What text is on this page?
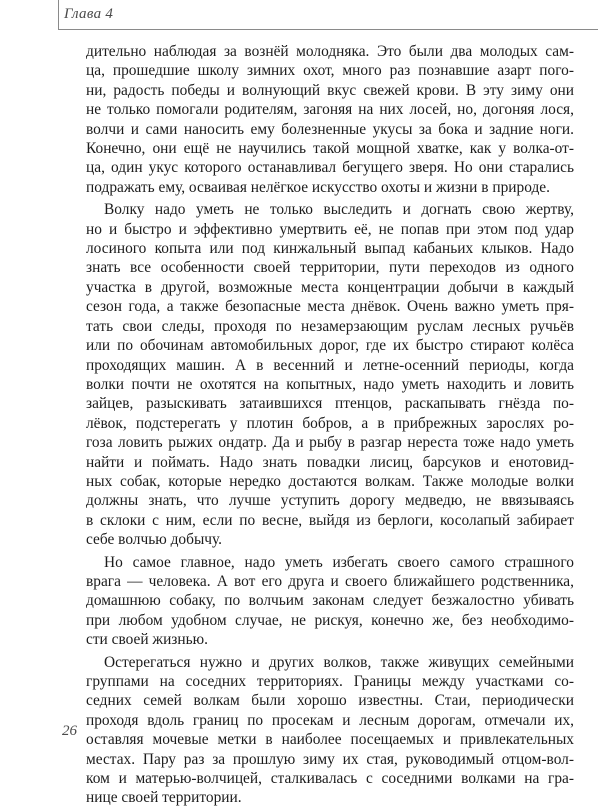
Глава 4
дительно наблюдая за вознёй молодняка. Это были два молодых сам-
ца, прошедшие школу зимних охот, много раз познавшие азарт пого-
ни, радость победы и волнующий вкус свежей крови. В эту зиму они
не только помогали родителям, загоняя на них лосей, но, догоняя лося,
волчи и сами наносить ему болезненные укусы за бока и задние ноги.
Конечно, они ещё не научились такой мощной хватке, как у волка-от-
ца, один укус которого останавливал бегущего зверя. Но они старались
подражать ему, осваивая нелёгкое искусство охоты и жизни в природе.
Волку надо уметь не только выследить и догнать свою жертву,
но и быстро и эффективно умертвить её, не попав при этом под удар
лосиного копыта или под кинжальный выпад кабаньих клыков. Надо
знать все особенности своей территории, пути переходов из одного
участка в другой, возможные места концентрации добычи в каждый
сезон года, а также безопасные места днёвок. Очень важно уметь пря-
тать свои следы, проходя по незамерзающим руслам лесных ручьёв
или по обочинам автомобильных дорог, где их быстро стирают колёса
проходящих машин. А в весенний и летне-осенний периоды, когда
волки почти не охотятся на копытных, надо уметь находить и ловить
зайцев, разыскивать затаившихся птенцов, раскапывать гнёзда по-
лёвок, подстерегать у плотин бобров, а в прибрежных зарослях ро-
гоза ловить рыжих ондатр. Да и рыбу в разгар нереста тоже надо уметь
найти и поймать. Надо знать повадки лисиц, барсуков и енотовид-
ных собак, которые нередко достаются волкам. Также молодые волки
должны знать, что лучше уступить дорогу медведю, не ввязываясь
в склоки с ним, если по весне, выйдя из берлоги, косолапый забирает
себе волчью добычу.
Но самое главное, надо уметь избегать своего самого страшного
врага — человека. А вот его друга и своего ближайшего родственника,
домашнюю собаку, по волчьим законам следует безжалостно убивать
при любом удобном случае, не рискуя, конечно же, без необходимо-
сти своей жизнью.
Остерегаться нужно и других волков, также живущих семейными
группами на соседних территориях. Границы между участками со-
седних семей волкам были хорошо известны. Стаи, периодически
проходя вдоль границ по просекам и лесным дорогам, отмечали их,
оставляя мочевые метки в наиболее посещаемых и привлекательных
местах. Пару раз за прошлую зиму их стая, руководимый отцом-вол-
ком и матерью-волчицей, сталкивалась с соседними волками на гра-
нице своей территории.
26
